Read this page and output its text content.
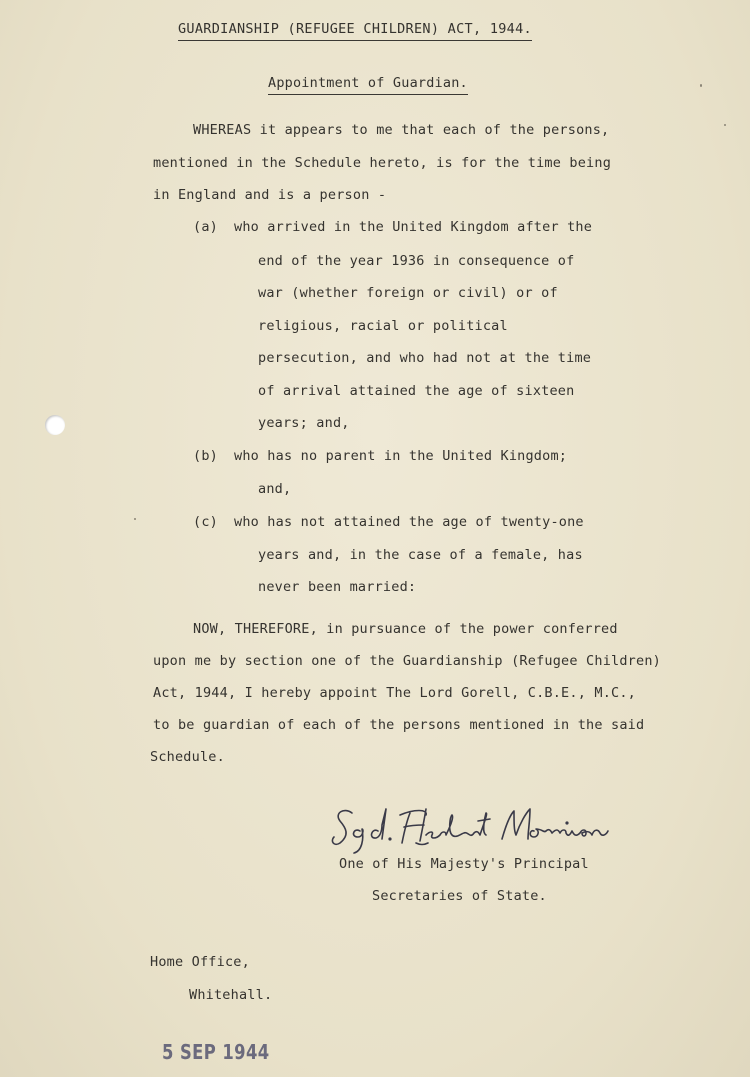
GUARDIANSHIP (REFUGEE CHILDREN) ACT, 1944.
Appointment of Guardian.
WHEREAS it appears to me that each of the persons,
mentioned in the Schedule hereto, is for the time being
in England and is a person -
(a) who arrived in the United Kingdom after the
end of the year 1936 in consequence of
war (whether foreign or civil) or of
religious, racial or political
persecution, and who had not at the time
of arrival attained the age of sixteen
years; and,
(b) who has no parent in the United Kingdom;
and,
(c) who has not attained the age of twenty-one
years and, in the case of a female, has
never been married:
NOW, THEREFORE, in pursuance of the power conferred
upon me by section one of the Guardianship (Refugee Children)
Act, 1944, I hereby appoint The Lord Gorell, C.B.E., M.C.,
to be guardian of each of the persons mentioned in the said
Schedule.
One of His Majesty's Principal
Secretaries of State.
Home Office,
Whitehall.
5 SEP 1944
